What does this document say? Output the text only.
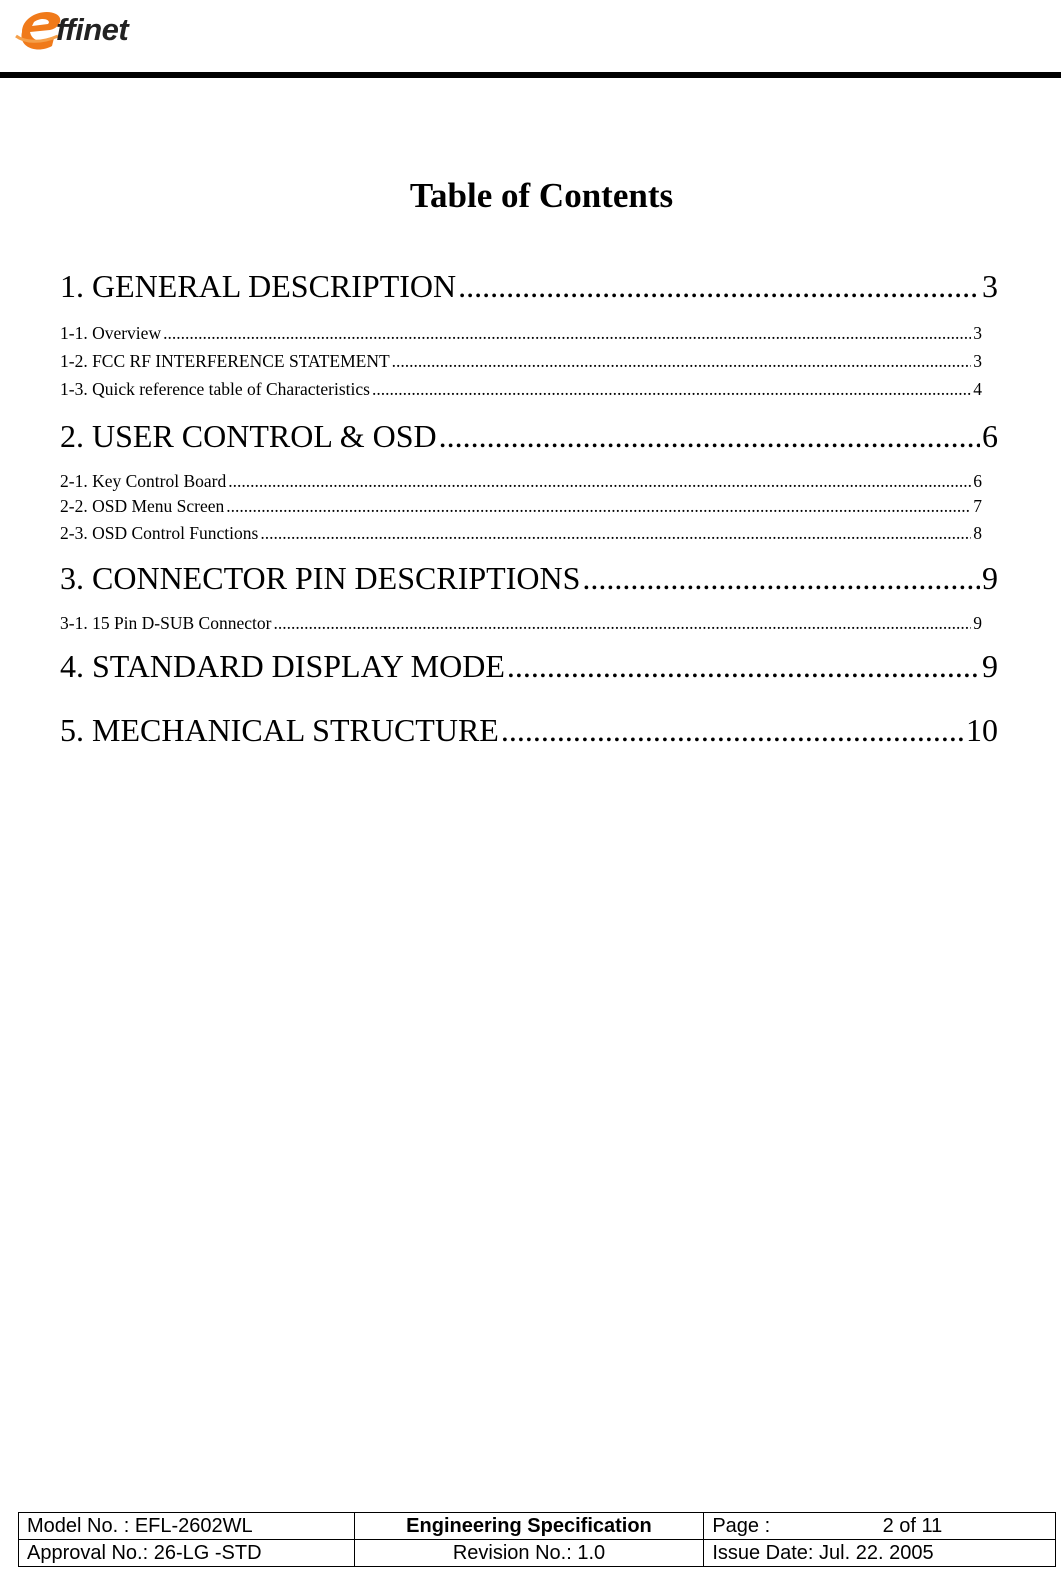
ffinet
Table of Contents
1. GENERAL DESCRIPTION .....	3
1-1. Overview .....	3
1-2. FCC RF INTERFERENCE STATEMENT .....	3
1-3. Quick reference table of Characteristics .....	4
2. USER CONTROL & OSD .....	6
2-1. Key Control Board .....	6
2-2. OSD Menu Screen .....	7
2-3. OSD Control Functions .....	8
3. CONNECTOR PIN DESCRIPTIONS .....	9
3-1. 15 Pin D-SUB Connector .....	9
4. STANDARD DISPLAY MODE .....	9
5. MECHANICAL STRUCTURE .....	10
Model No. : EFL-2602WL	Engineering Specification	Page : 2 of 11

Approval No.: 26-LG -STD	Revision No.: 1.0	Issue Date: Jul. 22. 2005
